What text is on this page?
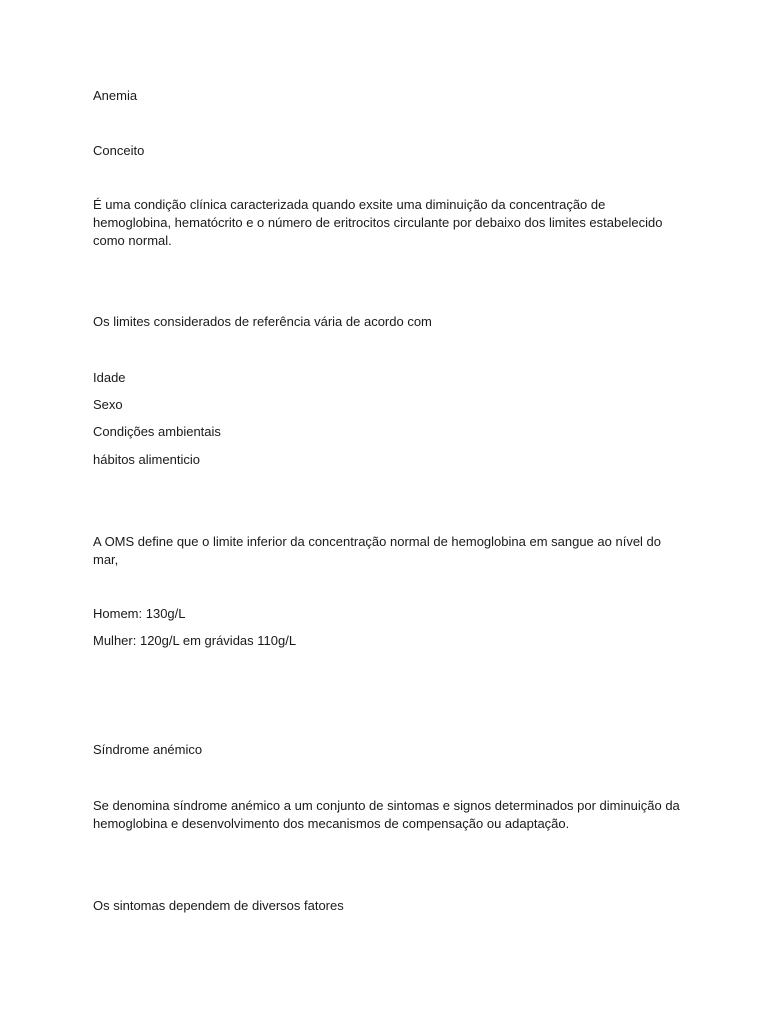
Anemia

Conceito

É uma condição clínica caracterizada quando exsite uma diminuição da concentração de hemoglobina, hematócrito e o número de eritrocitos circulante por debaixo dos limites estabelecido como normal.

Os limites considerados de referência vária de acordo com

Idade

Sexo

Condições ambientais

hábitos alimenticio

A OMS define que o limite inferior da concentração normal de hemoglobina em sangue ao nível do mar,

Homem: 130g/L

Mulher: 120g/L em grávidas 110g/L

Síndrome anémico

Se denomina síndrome anémico a um conjunto de sintomas e signos determinados por diminuição da hemoglobina e desenvolvimento dos mecanismos de compensação ou adaptação.

Os sintomas dependem de diversos fatores
